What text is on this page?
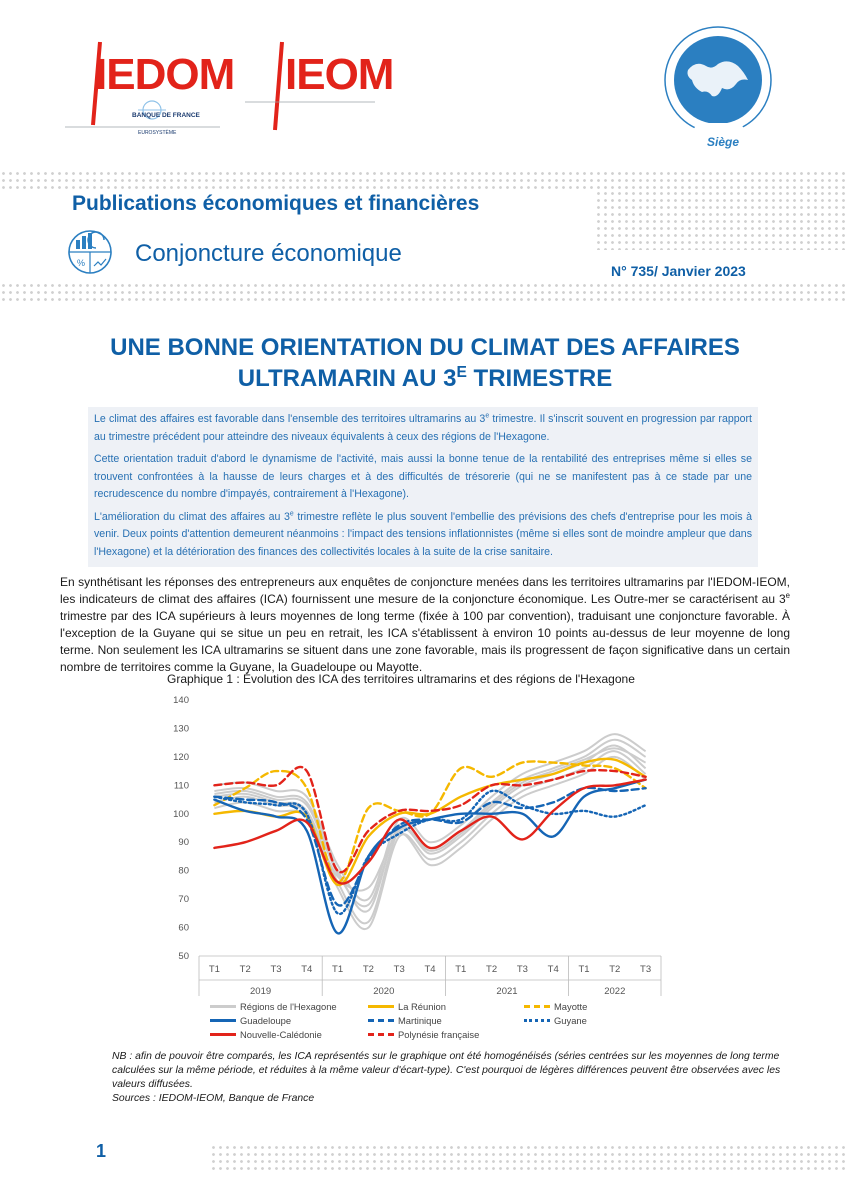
IEDOM
BANQUE DE FRANCE
EUROSYSTÈME
IEOM
Siège
Publications économiques et financières
% Conjoncture économique
N° 735/ Janvier 2023
UNE BONNE ORIENTATION DU CLIMAT DES AFFAIRES
ULTRAMARIN AU $3^E$ TRIMESTRE

Le climat des affaires est favorable dans l'ensemble des territoires ultramarins au 3e trimestre. Il s'inscrit souvent en progression par rapport au trimestre précédent pour atteindre des niveaux équivalents à ceux des régions de l'Hexagone.

Cette orientation traduit d'abord le dynamisme de l'activité, mais aussi la bonne tenue de la rentabilité des entreprises même si elles se trouvent confrontées à la hausse de leurs charges et à des difficultés de trésorerie (qui ne se manifestent pas à ce stade par une recrudescence du nombre d'impayés, contrairement à l'Hexagone).

L'amélioration du climat des affaires au 3e trimestre reflète le plus souvent l'embellie des prévisions des chefs d'entreprise pour les mois à venir. Deux points d'attention demeurent néanmoins : l'impact des tensions inflationnistes (même si elles sont de moindre ampleur que dans l'Hexagone) et la détérioration des finances des collectivités locales à la suite de la crise sanitaire.

En synthétisant les réponses des entrepreneurs aux enquêtes de conjoncture menées dans les territoires ultramarins par l'IEDOM-IEOM, les indicateurs de climat des affaires (ICA) fournissent une mesure de la conjoncture économique. Les Outre-mer se caractérisent au 3e trimestre par des ICA supérieurs à leurs moyennes de long terme (fixée à 100 par convention), traduisant une conjoncture favorable. À l'exception de la Guyane qui se situe un peu en retrait, les ICA s'établissent à environ 10 points au-dessus de leur moyenne de long terme. Non seulement les ICA ultramarins se situent dans une zone favorable, mais ils progressent de façon significative dans un certain nombre de territoires comme la Guyane, la Guadeloupe ou Mayotte.
Graphique 1 : Évolution des ICA des territoires ultramarins et des régions de l'Hexagone
50
60
70
80
90
100
110
120
130
140
T1 T2 T3 T4 T1 T2 T3 T4 T1 T2 T3 T4 T1 T2 T3
2019	2020	2021	2022
Régions de l'Hexagone	La Réunion	Mayotte
Guadeloupe	Martinique	Guyane
Nouvelle-Calédonie	Polynésie française
NB : afin de pouvoir être comparés, les ICA représentés sur le graphique ont été homogénéisés (séries centrées sur les moyennes de long terme calculées sur la même période, et réduites à la même valeur d'écart-type). C'est pourquoi de légères différences peuvent être observées avec les valeurs diffusées.
Sources : IEDOM-IEOM, Banque de France
1
